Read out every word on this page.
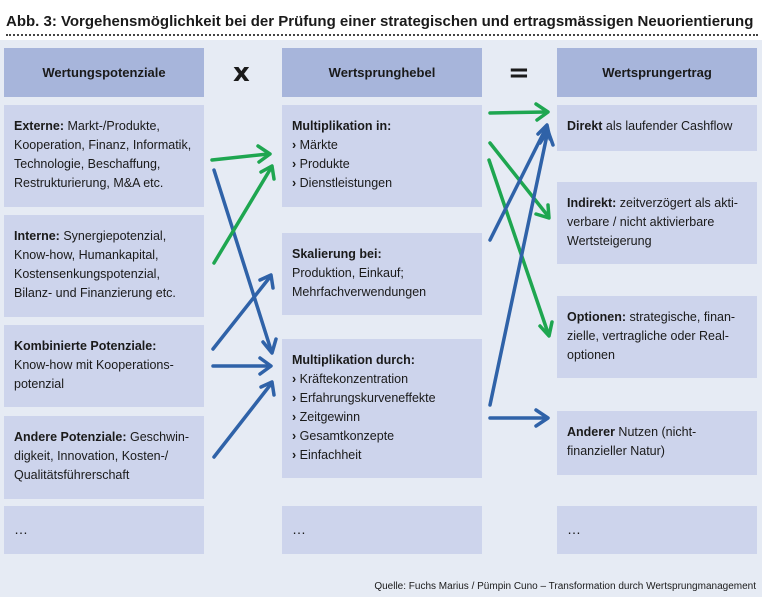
Abb. 3: Vorgehensmöglichkeit bei der Prüfung einer strategischen und ertragsmässigen Neuorientierung
Wertungspotenziale	Wertsprunghebel	Wertsprungertrag
x	=
Externe: Markt-/Produkte, Kooperation, Finanz, Informatik, Technologie, Beschaffung, Restrukturierung, M&A etc.
Interne: Synergiepotenzial, Know-how, Humankapital, Kostensenkungspotenzial, Bilanz- und Finanzierung etc.
Kombinierte Potenziale: Know-how mit Kooperations-potenzial
Andere Potenziale: Geschwin-digkeit, Innovation, Kosten-/ Qualitätsführerschaft
…
Multiplikation in:
› Märkte
› Produkte
› Dienstleistungen
Skalierung bei:
Produktion, Einkauf; Mehrfachverwendungen
Multiplikation durch:
› Kräftekonzentration
› Erfahrungskurveneffekte
› Zeitgewinn
› Gesamtkonzepte
› Einfachheit
…
Direkt als laufender Cashflow
Indirekt: zeitverzögert als akti-verbare / nicht aktivierbare Wertsteigerung
Optionen: strategische, finan-zielle, vertragliche oder Real-optionen
Anderer Nutzen (nicht-finanzieller Natur)
…
Quelle: Fuchs Marius / Pümpin Cuno – Transformation durch Wertsprungmanagement
